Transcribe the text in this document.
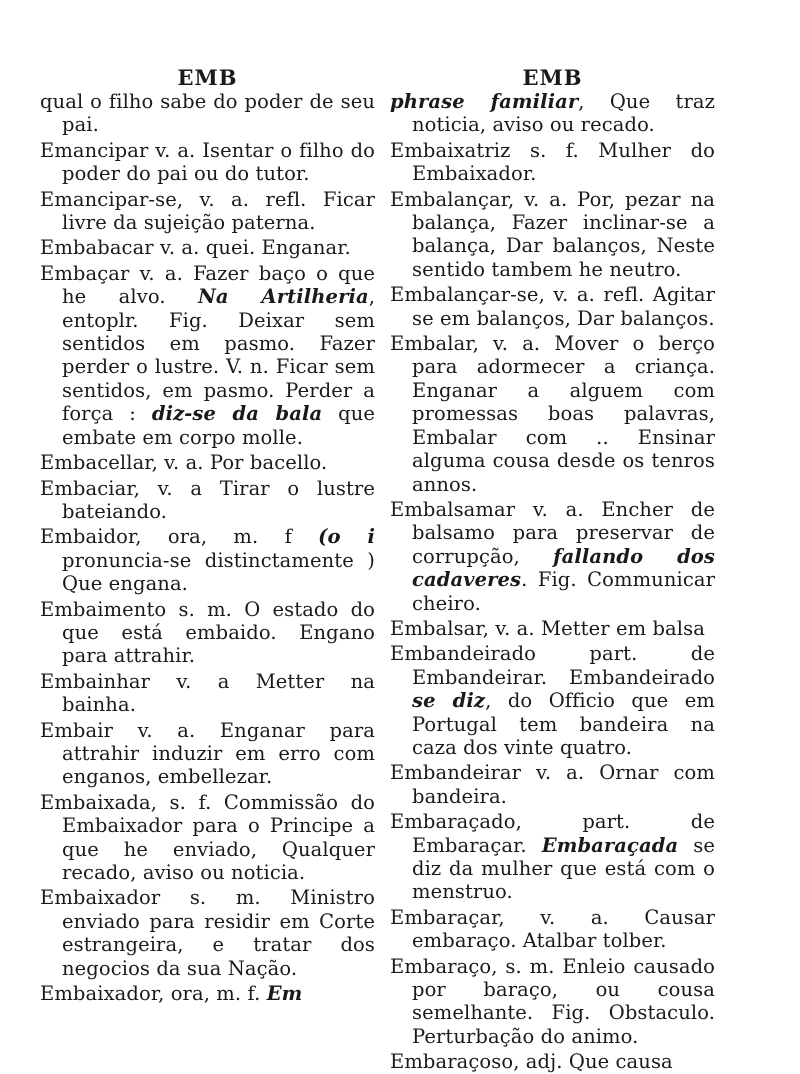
EMB

qual o filho sabe do poder de seu pai.

Emancipar v. a. Isentar o filho do poder do pai ou do tutor.

Emancipar-se, v. a. refl. Ficar livre da sujeição paterna.

Embabacar v. a. quei. Enganar.

Embaçar v. a. Fazer baço o que he alvo. Na Artilheria, entoplr. Fig. Deixar sem sentidos em pasmo. Fazer perder o lustre. V. n. Ficar sem sentidos, em pasmo. Perder a força : diz-se da bala que embate em corpo molle.

Embacellar, v. a. Por bacello.

Embaciar, v. a Tirar o lustre bateiando.

Embaidor, ora, m. f (o i pronuncia-se distinctamente ) Que engana.

Embaimento s. m. O estado do que está embaido. Engano para attrahir.

Embainhar v. a Metter na bainha.

Embair v. a. Enganar para attrahir induzir em erro com enganos, embellezar.

Embaixada, s. f. Commissão do Embaixador para o Principe a que he enviado, Qualquer recado, aviso ou noticia.

Embaixador s. m. Ministro enviado para residir em Corte estrangeira, e tratar dos negocios da sua Nação.

Embaixador, ora, m. f. Em

EMB

phrase familiar, Que traz noticia, aviso ou recado.

Embaixatriz s. f. Mulher do Embaixador.

Embalançar, v. a. Por, pezar na balança, Fazer inclinar-se a balança, Dar balanços, Neste sentido tambem he neutro.

Embalançar-se, v. a. refl. Agitar se em balanços, Dar balanços.

Embalar, v. a. Mover o berço para adormecer a criança. Enganar a alguem com promessas boas palavras, Embalar com .. Ensinar alguma cousa desde os tenros annos.

Embalsamar v. a. Encher de balsamo para preservar de corrupção, fallando dos cadaveres. Fig. Communicar cheiro.

Embalsar, v. a. Metter em balsa

Embandeirado part. de Embandeirar. Embandeirado se diz, do Officio que em Portugal tem bandeira na caza dos vinte quatro.

Embandeirar v. a. Ornar com bandeira.

Embaraçado, part. de Embaraçar. Embaraçada se diz da mulher que está com o menstruo.

Embaraçar, v. a. Causar embaraço. Atalbar tolber.

Embaraço, s. m. Enleio causado por baraço, ou cousa semelhante. Fig. Obstaculo. Perturbação do animo.

Embaraçoso, adj. Que causa
